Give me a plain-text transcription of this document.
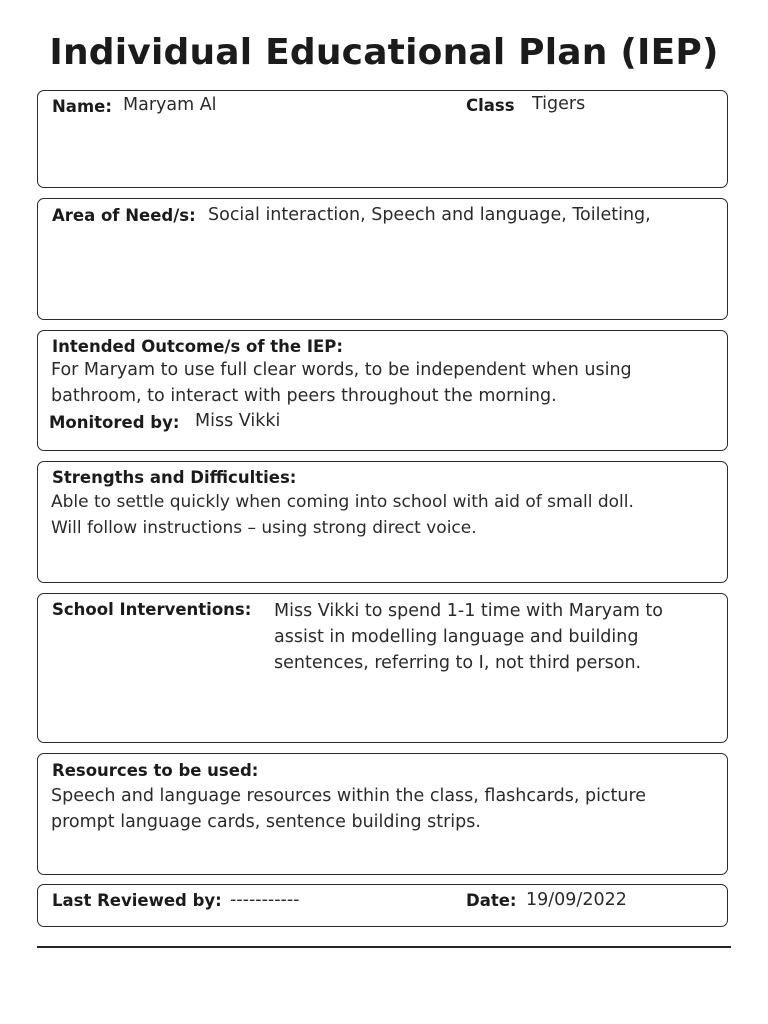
Individual Educational Plan (IEP)
Name: Maryam Al	Class Tigers
Area of Need/s: Social interaction, Speech and language, Toileting,
Intended Outcome/s of the IEP:
For Maryam to use full clear words, to be independent when using
bathroom, to interact with peers throughout the morning.
Monitored by: Miss Vikki
Strengths and Difficulties:
Able to settle quickly when coming into school with aid of small doll.
Will follow instructions – using strong direct voice.
School Interventions: Miss Vikki to spend 1-1 time with Maryam to
assist in modelling language and building
sentences, referring to I, not third person.
Resources to be used:
Speech and language resources within the class, flashcards, picture
prompt language cards, sentence building strips.
Last Reviewed by: -----------	Date: 19/09/2022
